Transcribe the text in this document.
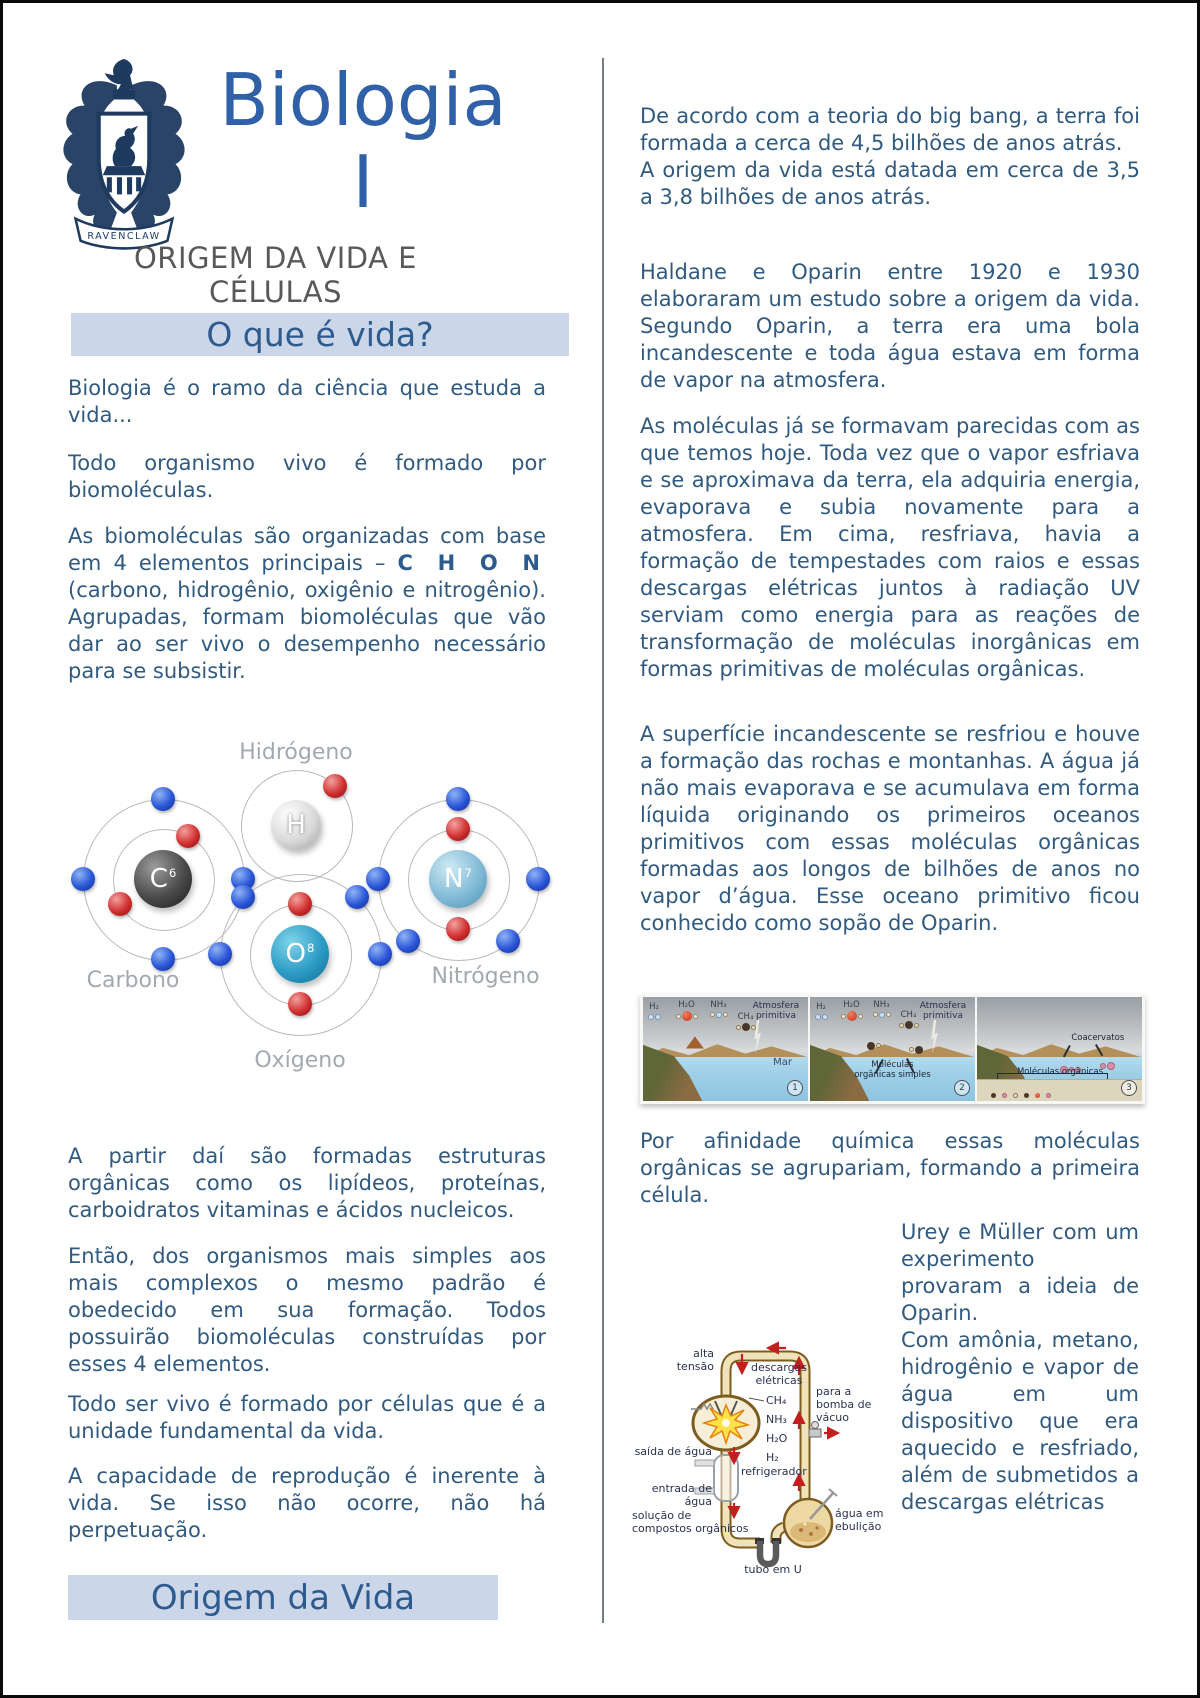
RAVENCLAW
Biologia
I
ORIGEM DA VIDA E CÉLULAS
O que é vida?

Biologia é o ramo da ciência que estuda a vida...

Todo organismo vivo é formado por biomoléculas.

As biomoléculas são organizadas com base em 4 elementos principais – C H O N (carbono, hidrogênio, oxigênio e nitrogênio). Agrupadas, formam biomoléculas que vão dar ao ser vivo o desempenho necessário para se subsistir.

Hidrógeno
H
$C^6$
Carbono
$O^8$
Oxígeno
$N^7$
Nitrógeno

A partir daí são formadas estruturas orgânicas como os lipídeos, proteínas, carboidratos vitaminas e ácidos nucleicos.

Então, dos organismos mais simples aos mais complexos o mesmo padrão é obedecido em sua formação. Todos possuirão biomoléculas construídas por esses 4 elementos.

Todo ser vivo é formado por células que é a unidade fundamental da vida.

A capacidade de reprodução é inerente à vida. Se isso não ocorre, não há perpetuação.

Origem da Vida

De acordo com a teoria do big bang, a terra foi formada a cerca de 4,5 bilhões de anos atrás.
A origem da vida está datada em cerca de 3,5 a 3,8 bilhões de anos atrás.

Haldane e Oparin entre 1920 e 1930 elaboraram um estudo sobre a origem da vida. Segundo Oparin, a terra era uma bola incandescente e toda água estava em forma de vapor na atmosfera.

As moléculas já se formavam parecidas com as que temos hoje. Toda vez que o vapor esfriava e se aproximava da terra, ela adquiria energia, evaporava e subia novamente para a atmosfera. Em cima, resfriava, havia a formação de tempestades com raios e essas descargas elétricas juntos à radiação UV serviam como energia para as reações de transformação de moléculas inorgânicas em formas primitivas de moléculas orgânicas.

A superfície incandescente se resfriou e houve a formação das rochas e montanhas. A água já não mais evaporava e se acumulava em forma líquida originando os primeiros oceanos primitivos com essas moléculas orgânicas formadas aos longos de bilhões de anos no vapor d’água. Esse oceano primitivo ficou conhecido como sopão de Oparin.

H₂	H₂O	NH₃
CH₄
Atmosfera primitiva
Mar
1
H₂	H₂O	NH₃
CH₄
Moléculas orgânicas simples
Atmosfera primitiva
2
Coacervatos

Moléculas orgânicas
3

Por afinidade química essas moléculas orgânicas se agrupariam, formando a primeira célula.

alta tensão	descargas elétricas
CH₄
NH₃
H₂O
H₂
para a bomba de vácuo
saída de água
refrigerador
entrada de água
solução de compostos orgânicos
tubo em U
água em ebulição
Urey e Müller com um experimento provaram a ideia de Oparin.
Com amônia, metano, hidrogênio e vapor de água em um dispositivo que era aquecido e resfriado, além de submetidos a descargas elétricas
